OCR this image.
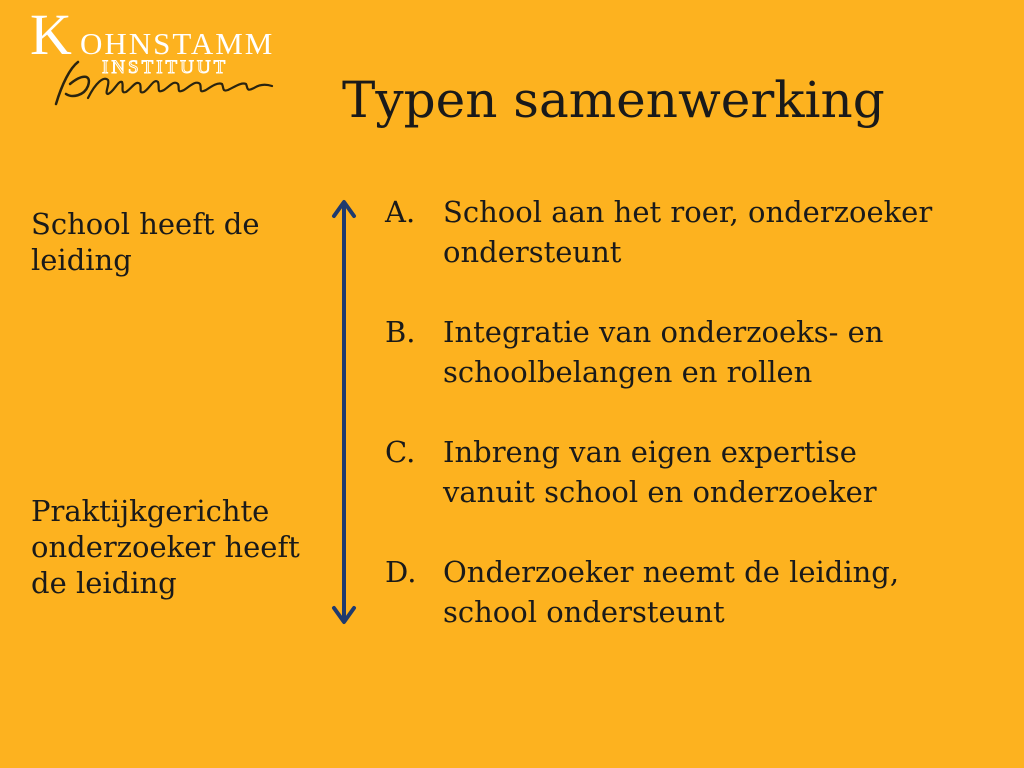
K OHNSTAMM
INSTITUUT
Typen samenwerking

School heeft de leiding

Praktijkgerichte onderzoeker heeft de leiding

A. School aan het roer, onderzoeker ondersteunt
B. Integratie van onderzoeks- en schoolbelangen en rollen
C. Inbreng van eigen expertise vanuit school en onderzoeker
D. Onderzoeker neemt de leiding, school ondersteunt
